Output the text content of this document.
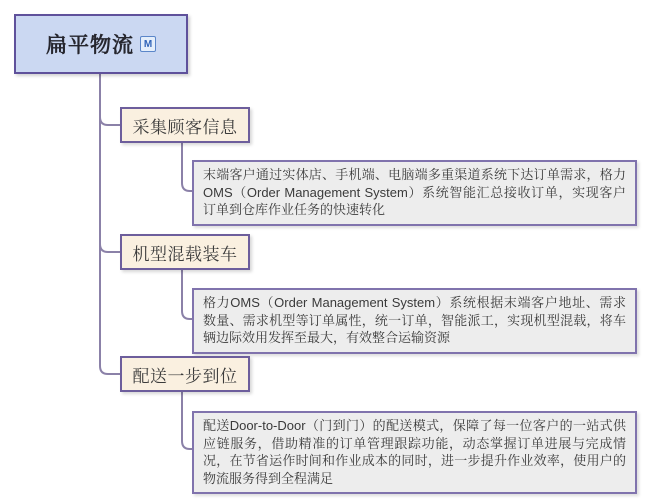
扁平物流 M
采集顾客信息
末端客户通过实体店、手机端、电脑端多重渠道系统下达订单需求，格力OMS（Order Management System）系统智能汇总接收订单，实现客户订单到仓库作业任务的快速转化
机型混载装车
格力OMS（Order Management System）系统根据末端客户地址、需求数量、需求机型等订单属性，统一订单，智能派工，实现机型混载，将车辆边际效用发挥至最大，有效整合运输资源
配送一步到位
配送Door-to-Door（门到门）的配送模式，保障了每一位客户的一站式供应链服务，借助精准的订单管理跟踪功能，动态掌握订单进展与完成情况，在节省运作时间和作业成本的同时，进一步提升作业效率，使用户的物流服务得到全程满足
